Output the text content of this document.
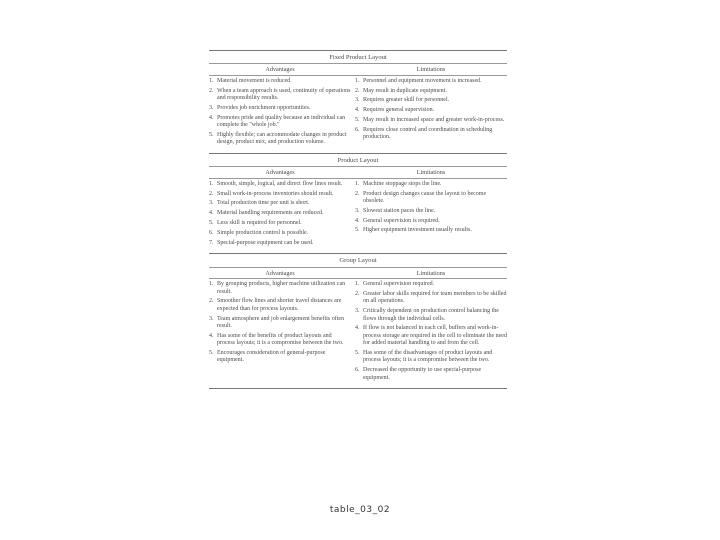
Fixed Product Layout
Advantages	Limitations
1. Material movement is reduced.
2. When a team approach is used, continuity of operations and responsibility results.
3. Provides job enrichment opportunities.
4. Promotes pride and quality because an individual can complete the "whole job."
5. Highly flexible; can accommodate changes in product design, product mix, and production volume.
1. Personnel and equipment movement is increased.
2. May result in duplicate equipment.
3. Requires greater skill for personnel.
4. Requires general supervision.
5. May result in increased space and greater work-in-process.
6. Requires close control and coordination in scheduling production.
Product Layout
Advantages	Limitations
1. Smooth, simple, logical, and direct flow lines result.
2. Small work-in-process inventories should result.
3. Total production time per unit is short.
4. Material handling requirements are reduced.
5. Less skill is required for personnel.
6. Simple production control is possible.
7. Special-purpose equipment can be used.
1. Machine stoppage stops the line.
2. Product design changes cause the layout to become obsolete.
3. Slowest station paces the line.
4. General supervision is required.
5. Higher equipment investment usually results.
Group Layout
Advantages	Limitations
1. By grouping products, higher machine utilization can result.
2. Smoother flow lines and shorter travel distances are expected than for process layouts.
3. Team atmosphere and job enlargement benefits often result.
4. Has some of the benefits of product layouts and process layouts; it is a compromise between the two.
5. Encourages consideration of general-purpose equipment.
1. General supervision required.
2. Greater labor skills required for team members to be skilled on all operations.
3. Critically dependent on production control balancing the flows through the individual cells.
4. If flow is not balanced in each cell, buffers and work-in-process storage are required in the cell to eliminate the need for added material handling to and from the cell.
5. Has some of the disadvantages of product layouts and process layouts; it is a compromise between the two.
6. Decreased the opportunity to use special-purpose equipment.
table_03_02
